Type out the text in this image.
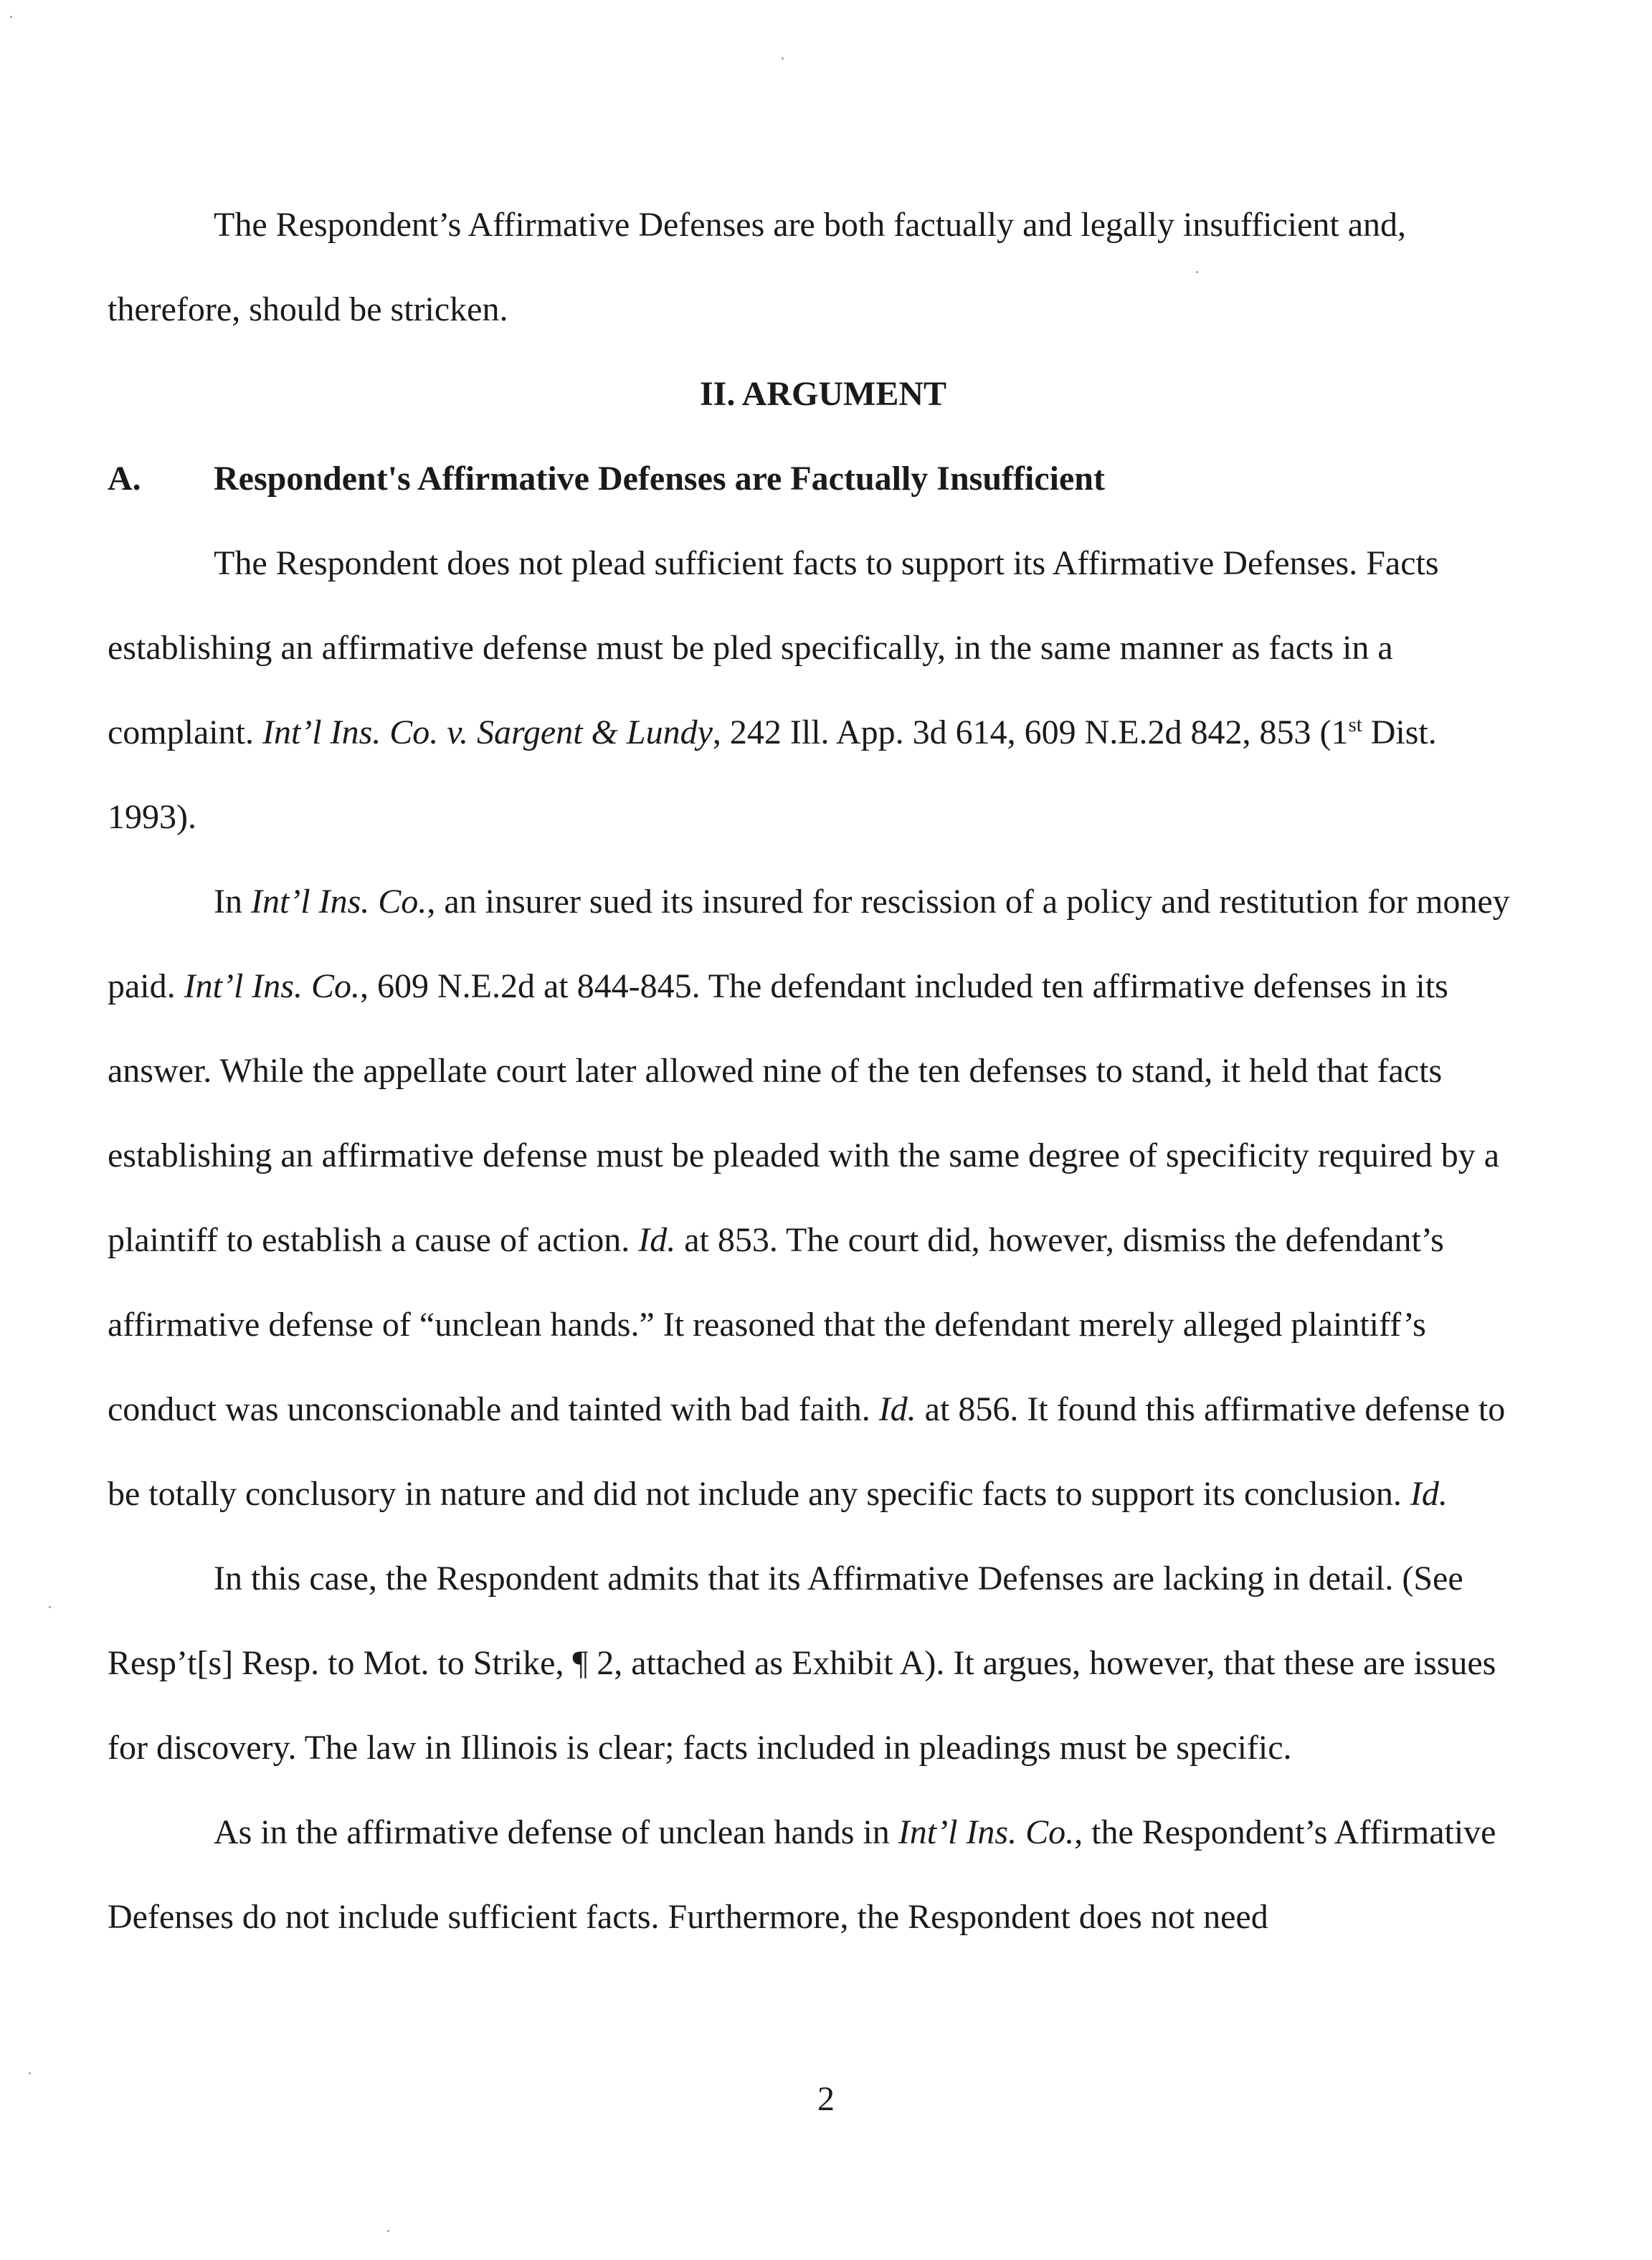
The Respondent’s Affirmative Defenses are both factually and legally insufficient and, therefore, should be stricken.

II. ARGUMENT

A.	Respondent's Affirmative Defenses are Factually Insufficient

The Respondent does not plead sufficient facts to support its Affirmative Defenses. Facts establishing an affirmative defense must be pled specifically, in the same manner as facts in a complaint. Int’l Ins. Co. v. Sargent & Lundy, 242 Ill. App. 3d 614, 609 N.E.2d 842, 853 (1st Dist. 1993).

In Int’l Ins. Co., an insurer sued its insured for rescission of a policy and restitution for money paid. Int’l Ins. Co., 609 N.E.2d at 844-845. The defendant included ten affirmative defenses in its answer. While the appellate court later allowed nine of the ten defenses to stand, it held that facts establishing an affirmative defense must be pleaded with the same degree of specificity required by a plaintiff to establish a cause of action. Id. at 853. The court did, however, dismiss the defendant’s affirmative defense of “unclean hands.” It reasoned that the defendant merely alleged plaintiff’s conduct was unconscionable and tainted with bad faith. Id. at 856. It found this affirmative defense to be totally conclusory in nature and did not include any specific facts to support its conclusion. Id.

In this case, the Respondent admits that its Affirmative Defenses are lacking in detail. (See Resp’t[s] Resp. to Mot. to Strike, ¶ 2, attached as Exhibit A). It argues, however, that these are issues for discovery. The law in Illinois is clear; facts included in pleadings must be specific.

As in the affirmative defense of unclean hands in Int’l Ins. Co., the Respondent’s Affirmative Defenses do not include sufficient facts. Furthermore, the Respondent does not need

2
